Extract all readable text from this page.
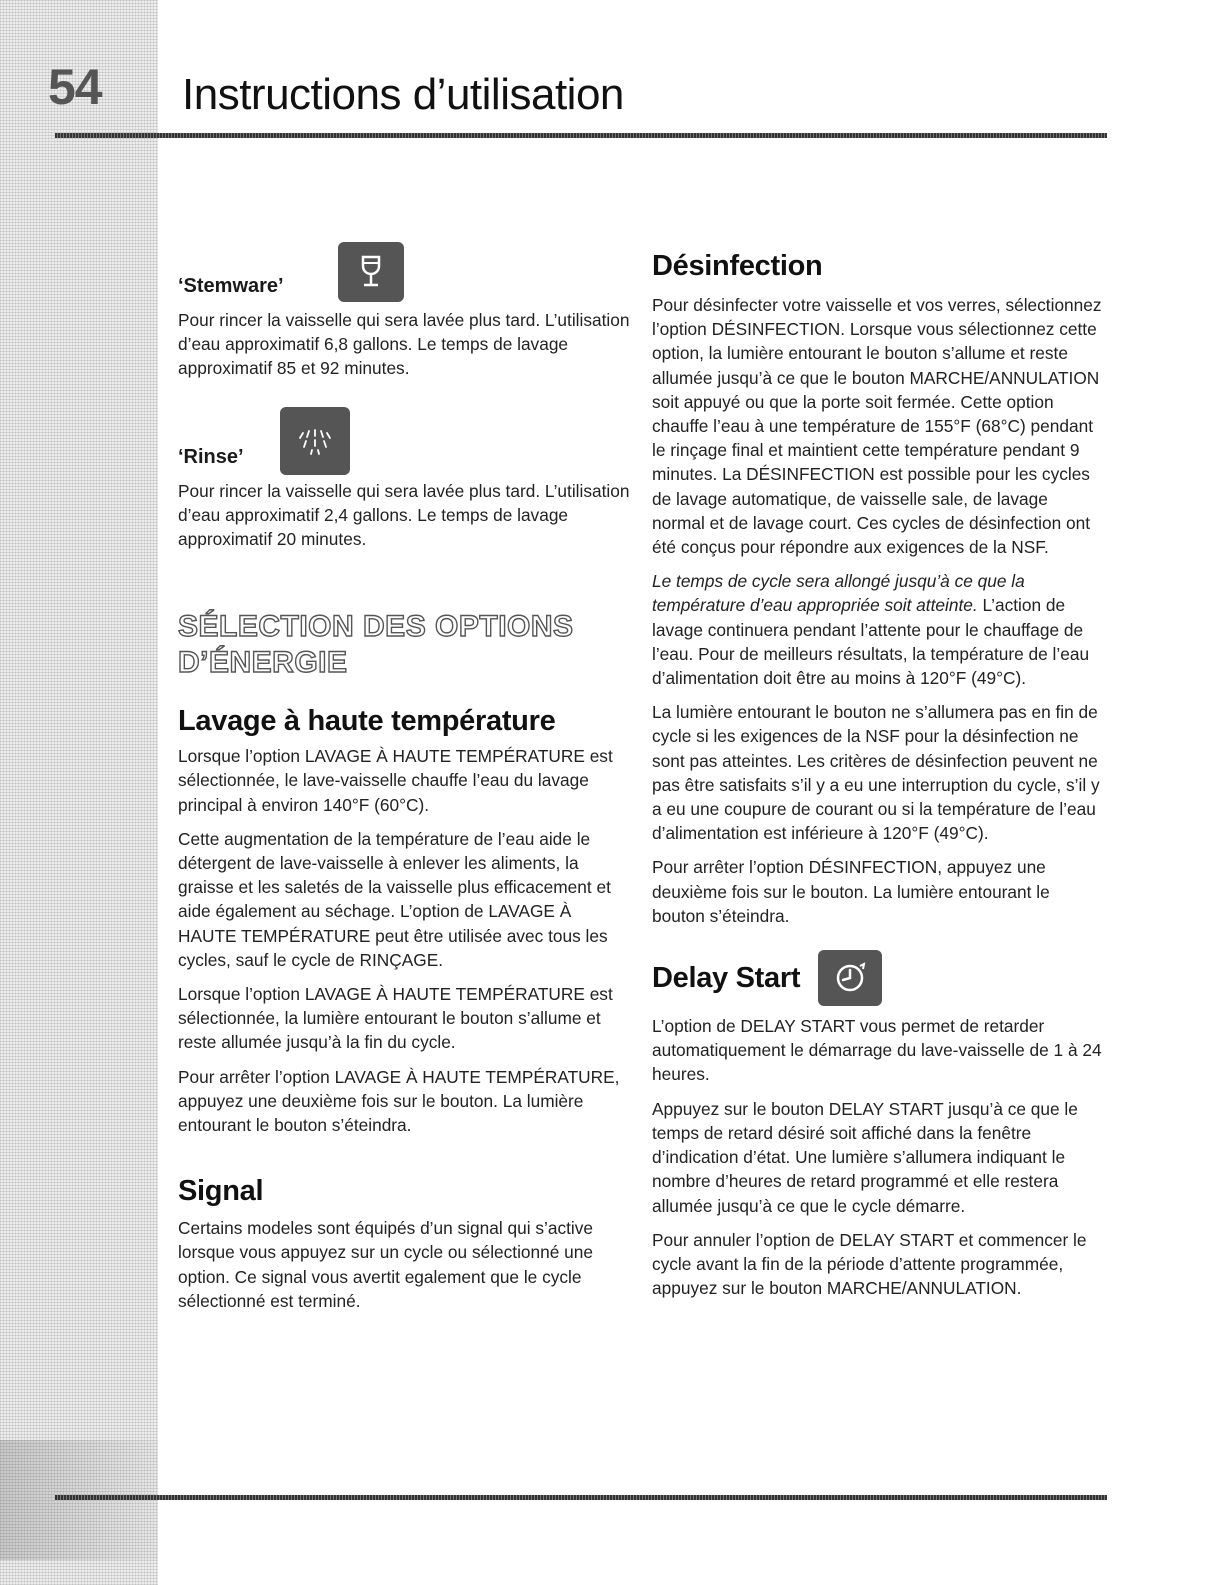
54 Instructions d’utilisation
‘Stemware’

Pour rincer la vaisselle qui sera lavée plus tard. L’utilisation d’eau approximatif 6,8 gallons. Le temps de lavage approximatif 85 et 92 minutes.

‘Rinse’

Pour rincer la vaisselle qui sera lavée plus tard. L’utilisation d’eau approximatif 2,4 gallons. Le temps de lavage approximatif 20 minutes.

SÉLECTION DES OPTIONS
D’ÉNERGIE
Lavage à haute température

Lorsque l’option LAVAGE À HAUTE TEMPÉRATURE est sélectionnée, le lave-vaisselle chauffe l’eau du lavage principal à environ 140°F (60°C).

Cette augmentation de la température de l’eau aide le détergent de lave-vaisselle à enlever les aliments, la graisse et les saletés de la vaisselle plus efficacement et aide également au séchage. L’option de LAVAGE À HAUTE TEMPÉRATURE peut être utilisée avec tous les cycles, sauf le cycle de RINÇAGE.

Lorsque l’option LAVAGE À HAUTE TEMPÉRATURE est sélectionnée, la lumière entourant le bouton s’allume et reste allumée jusqu’à la fin du cycle.

Pour arrêter l’option LAVAGE À HAUTE TEMPÉRATURE, appuyez une deuxième fois sur le bouton. La lumière entourant le bouton s’éteindra.

Signal

Certains modeles sont équipés d’un signal qui s’active lorsque vous appuyez sur un cycle ou sélectionné une option. Ce signal vous avertit egalement que le cycle sélectionné est terminé.

Désinfection

Pour désinfecter votre vaisselle et vos verres, sélectionnez l’option DÉSINFECTION. Lorsque vous sélectionnez cette option, la lumière entourant le bouton s’allume et reste allumée jusqu’à ce que le bouton MARCHE/ANNULATION soit appuyé ou que la porte soit fermée. Cette option chauffe l’eau à une température de 155°F (68°C) pendant le rinçage final et maintient cette température pendant 9 minutes. La DÉSINFECTION est possible pour les cycles de lavage automatique, de vaisselle sale, de lavage normal et de lavage court. Ces cycles de désinfection ont été conçus pour répondre aux exigences de la NSF.

Le temps de cycle sera allongé jusqu’à ce que la température d’eau appropriée soit atteinte. L’action de lavage continuera pendant l’attente pour le chauffage de l’eau. Pour de meilleurs résultats, la température de l’eau d’alimentation doit être au moins à 120°F (49°C).

La lumière entourant le bouton ne s’allumera pas en fin de cycle si les exigences de la NSF pour la désinfection ne sont pas atteintes. Les critères de désinfection peuvent ne pas être satisfaits s’il y a eu une interruption du cycle, s’il y a eu une coupure de courant ou si la température de l’eau d’alimentation est inférieure à 120°F (49°C).

Pour arrêter l’option DÉSINFECTION, appuyez une deuxième fois sur le bouton. La lumière entourant le bouton s’éteindra.

Delay Start

L’option de DELAY START vous permet de retarder automatiquement le démarrage du lave-vaisselle de 1 à 24 heures.

Appuyez sur le bouton DELAY START jusqu’à ce que le temps de retard désiré soit affiché dans la fenêtre d’indication d’état. Une lumière s’allumera indiquant le nombre d’heures de retard programmé et elle restera allumée jusqu’à ce que le cycle démarre.

Pour annuler l’option de DELAY START et commencer le cycle avant la fin de la période d’attente programmée, appuyez sur le bouton MARCHE/ANNULATION.
